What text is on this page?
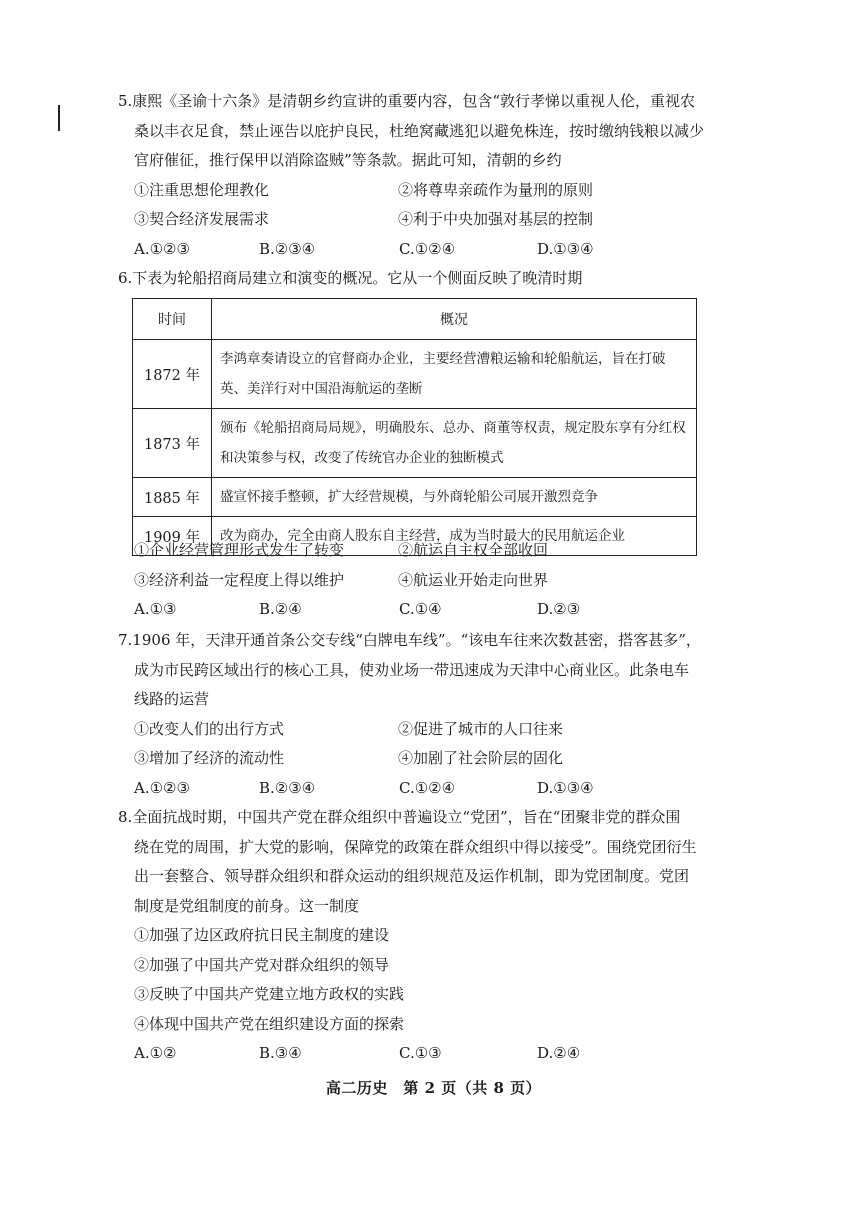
5.康熙《圣谕十六条》是清朝乡约宣讲的重要内容，包含“敦行孝悌以重视人伦，重视农

桑以丰衣足食，禁止诬告以庇护良民，杜绝窝藏逃犯以避免株连，按时缴纳钱粮以减少

官府催征，推行保甲以消除盗贼”等条款。据此可知，清朝的乡约

①注重思想伦理教化	②将尊卑亲疏作为量刑的原则
③契合经济发展需求	④利于中央加强对基层的控制
A.①②③	B.②③④	C.①②④	D.①③④

6.下表为轮船招商局建立和演变的概况。它从一个侧面反映了晚清时期

时间	概况
1872 年	李鸿章奏请设立的官督商办企业，主要经营漕粮运输和轮船航运，旨在打破英、美洋行对中国沿海航运的垄断
1873 年	颁布《轮船招商局局规》，明确股东、总办、商董等权责，规定股东享有分红权和决策参与权，改变了传统官办企业的独断模式
1885 年	盛宣怀接手整顿，扩大经营规模，与外商轮船公司展开激烈竞争
1909 年	改为商办，完全由商人股东自主经营，成为当时最大的民用航运企业
①企业经营管理形式发生了转变	②航运自主权全部收回
③经济利益一定程度上得以维护	④航运业开始走向世界
A.①③	B.②④	C.①④	D.②③

7.1906 年，天津开通首条公交专线“白牌电车线”。“该电车往来次数甚密，搭客甚多”，

成为市民跨区域出行的核心工具，使劝业场一带迅速成为天津中心商业区。此条电车

线路的运营

①改变人们的出行方式	②促进了城市的人口往来
③增加了经济的流动性	④加剧了社会阶层的固化
A.①②③	B.②③④	C.①②④	D.①③④

8.全面抗战时期，中国共产党在群众组织中普遍设立“党团”，旨在“团聚非党的群众围

绕在党的周围，扩大党的影响，保障党的政策在群众组织中得以接受”。围绕党团衍生

出一套整合、领导群众组织和群众运动的组织规范及运作机制，即为党团制度。党团

制度是党组制度的前身。这一制度

①加强了边区政府抗日民主制度的建设
②加强了中国共产党对群众组织的领导
③反映了中国共产党建立地方政权的实践
④体现中国共产党在组织建设方面的探索
A.①②	B.③④	C.①③	D.②④
高二历史　第 2 页（共 8 页）
